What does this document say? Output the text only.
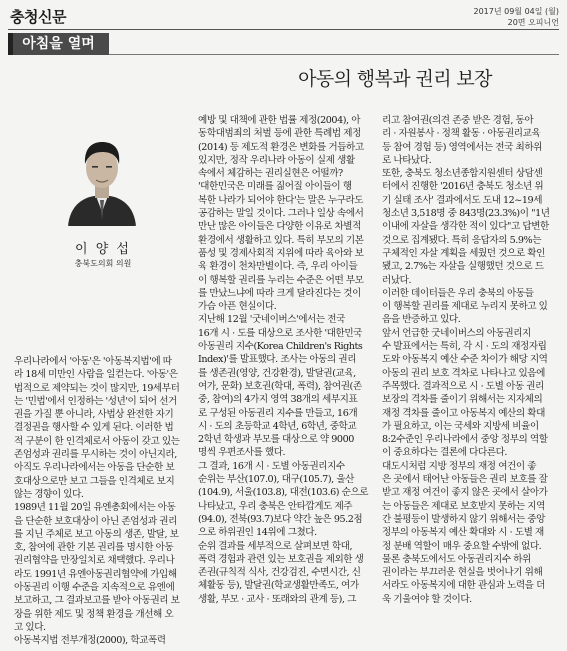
충청신문	2017년 09월 04일 (월)
20면 오피니언
아침을 열며
아동의 행복과 권리 보장
이 양 섭
충북도의회 의원
우리나라에서 '아동'은 '아동복지법'에 따
라 18세 미만인 사람을 일컫는다. '아동'은
법적으로 제약되는 것이 많지만, 19세부터
는 '민법'에서 인정하는 '성년'이 되어 선거
권을 가질 뿐 아니라, 사법상 완전한 자기
결정권을 행사할 수 있게 된다. 이러한 법
적 구분이 한 인격체로서 아동이 갖고 있는
존엄성과 권리를 무시하는 것이 아닌지라,
아직도 우리나라에서는 아동을 단순한 보
호대상으로만 보고 그들을 인격체로 보지
않는 경향이 있다.
1989년 11월 20일 유엔총회에서는 아동
을 단순한 보호대상이 아닌 존엄성과 권리
를 지닌 주체로 보고 아동의 생존, 발달, 보
호, 참여에 관한 기본 권리를 명시한 아동
권리협약을 만장일치로 채택했다. 우리나
라도 1991년 유엔아동권리협약에 가입해
아동권리 이행 수준을 지속적으로 유엔에
보고하고, 그 결과보고를 받아 아동권리 보
장을 위한 제도 및 정책 환경을 개선해 오
고 있다.
아동복지법 전부개정(2000), 학교폭력
예방 및 대책에 관한 법률 제정(2004), 아
동학대범죄의 처벌 등에 관한 특례법 제정
(2014) 등 제도적 환경은 변화를 거듭하고
있지만, 정작 우리나라 아동이 실제 생활
속에서 체감하는 권리실현은 어떨까?
'대한민국은 미래를 짊어질 아이들이 행
복한 나라가 되어야 한다'는 말은 누구라도
공감하는 말일 것이다. 그러나 일상 속에서
만난 많은 아이들은 다양한 이유로 차별적
환경에서 생활하고 있다. 특히 부모의 기본
품성 및 경제사회적 지위에 따라 육아와 보
육 환경이 천차만별이다. 즉, 우리 아이들
이 행복할 권리를 누리는 수준은 어떤 부모
를 만났느냐에 따라 크게 달라진다는 것이
가슴 아픈 현실이다.
지난해 12월 '굿네이버스'에서는 전국
16개 시 · 도를 대상으로 조사한 '대한민국
아동권리 지수(Korea Children's Rights
Index)'를 발표했다. 조사는 아동의 권리
를 생존권(영양, 건강환경), 발달권(교육,
여가, 문화) 보호권(학대, 폭력), 참여권(존
중, 참여)의 4가지 영역 38개의 세부지표
로 구성된 아동권리 지수를 만들고, 16개
시 · 도의 초등학교 4학년, 6학년, 중학교
2학년 학생과 부모를 대상으로 약 9000
명씩 우편조사를 했다.
그 결과, 16개 시 · 도별 아동권리지수
순위는 부산(107.0), 대구(105.7), 울산
(104.9), 서울(103.8), 대전(103.6) 순으로
나타났고, 우리 충북은 안타깝게도 제주
(94.0), 전북(93.7)보다 약간 높은 95.2점
으로 하위권인 14위에 그쳤다.
순위 결과를 세부적으로 살펴보면 학대,
폭력 경험과 관련 있는 보호권을 제외한 생
존권(규칙적 식사, 건강검진, 수면시간, 신
체활동 등), 발달권(학교생활만족도, 여가
생활, 부모 · 교사 · 또래와의 관계 등), 그
리고 참여권(의견 존중 받은 경험, 동아
리 · 자원봉사 · 정책 활동 · 아동권리교육
등 참여 경험 등) 영역에서는 전국 최하위
로 나타났다.
또한, 충북도 청소년종합지원센터 상담센
터에서 진행한 '2016년 충북도 청소년 위
기 실태 조사' 결과에서도 도내 12~19세
청소년 3,518명 중 843명(23.3%)이 "1년
이내에 자살을 생각한 적이 있다"고 답변한
것으로 집계됐다. 특히 응답자의 5.9%는
구체적인 자살 계획을 세웠던 것으로 확인
됐고, 2.7%는 자살을 실행했던 것으로 드
러났다.
이러한 데이터들은 우리 충북의 아동들
이 행복할 권리를 제대로 누리지 못하고 있
음을 반증하고 있다.
앞서 언급한 굿네이버스의 아동권리지
수 발표에서는 특히, 각 시 · 도의 재정자립
도와 아동복지 예산 수준 차이가 해당 지역
아동의 권리 보호 격차로 나타나고 있음에
주목했다. 결과적으로 시 · 도별 아동 권리
보장의 격차를 줄이기 위해서는 지자체의
재정 격차를 줄이고 아동복지 예산의 확대
가 필요하고, 이는 국세와 지방세 비율이
8:2수준인 우리나라에서 중앙 정부의 역할
이 중요하다는 결론에 다다른다.
대도시처럼 지방 정부의 재정 여건이 좋
은 곳에서 태어난 아동들은 권리 보호를 잘
받고 재정 여건이 좋지 않은 곳에서 살아가
는 아동들은 제대로 보호받지 못하는 지역
간 불평등이 발생하지 않기 위해서는 중앙
정부의 아동복지 예산 확대와 시 · 도별 재
정 분배 역할이 매우 중요할 수밖에 없다.
물론 충북도에서도 아동권리지수 하위
권이라는 부끄러운 현실을 벗어나기 위해
서라도 아동복지에 대한 관심과 노력을 더
욱 기울여야 할 것이다.
